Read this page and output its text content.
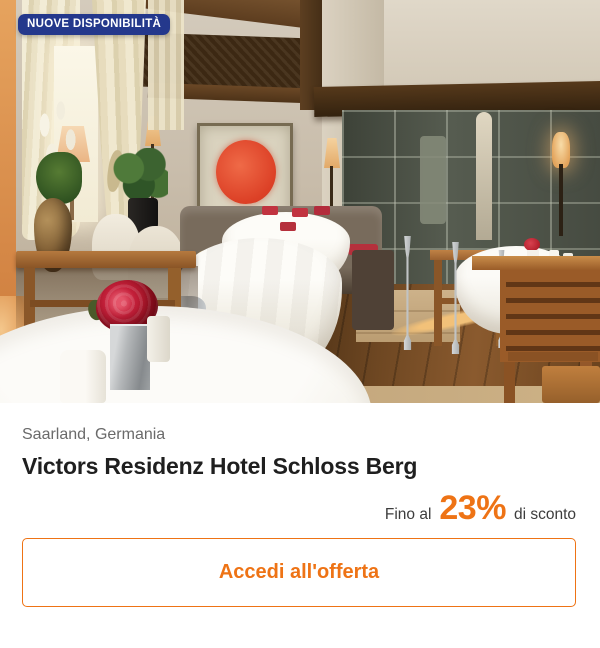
NUOVE DISPONIBILITÀ
Saarland, Germania
Victors Residenz Hotel Schloss Berg
Fino al 23% di sconto
Accedi all'offerta
